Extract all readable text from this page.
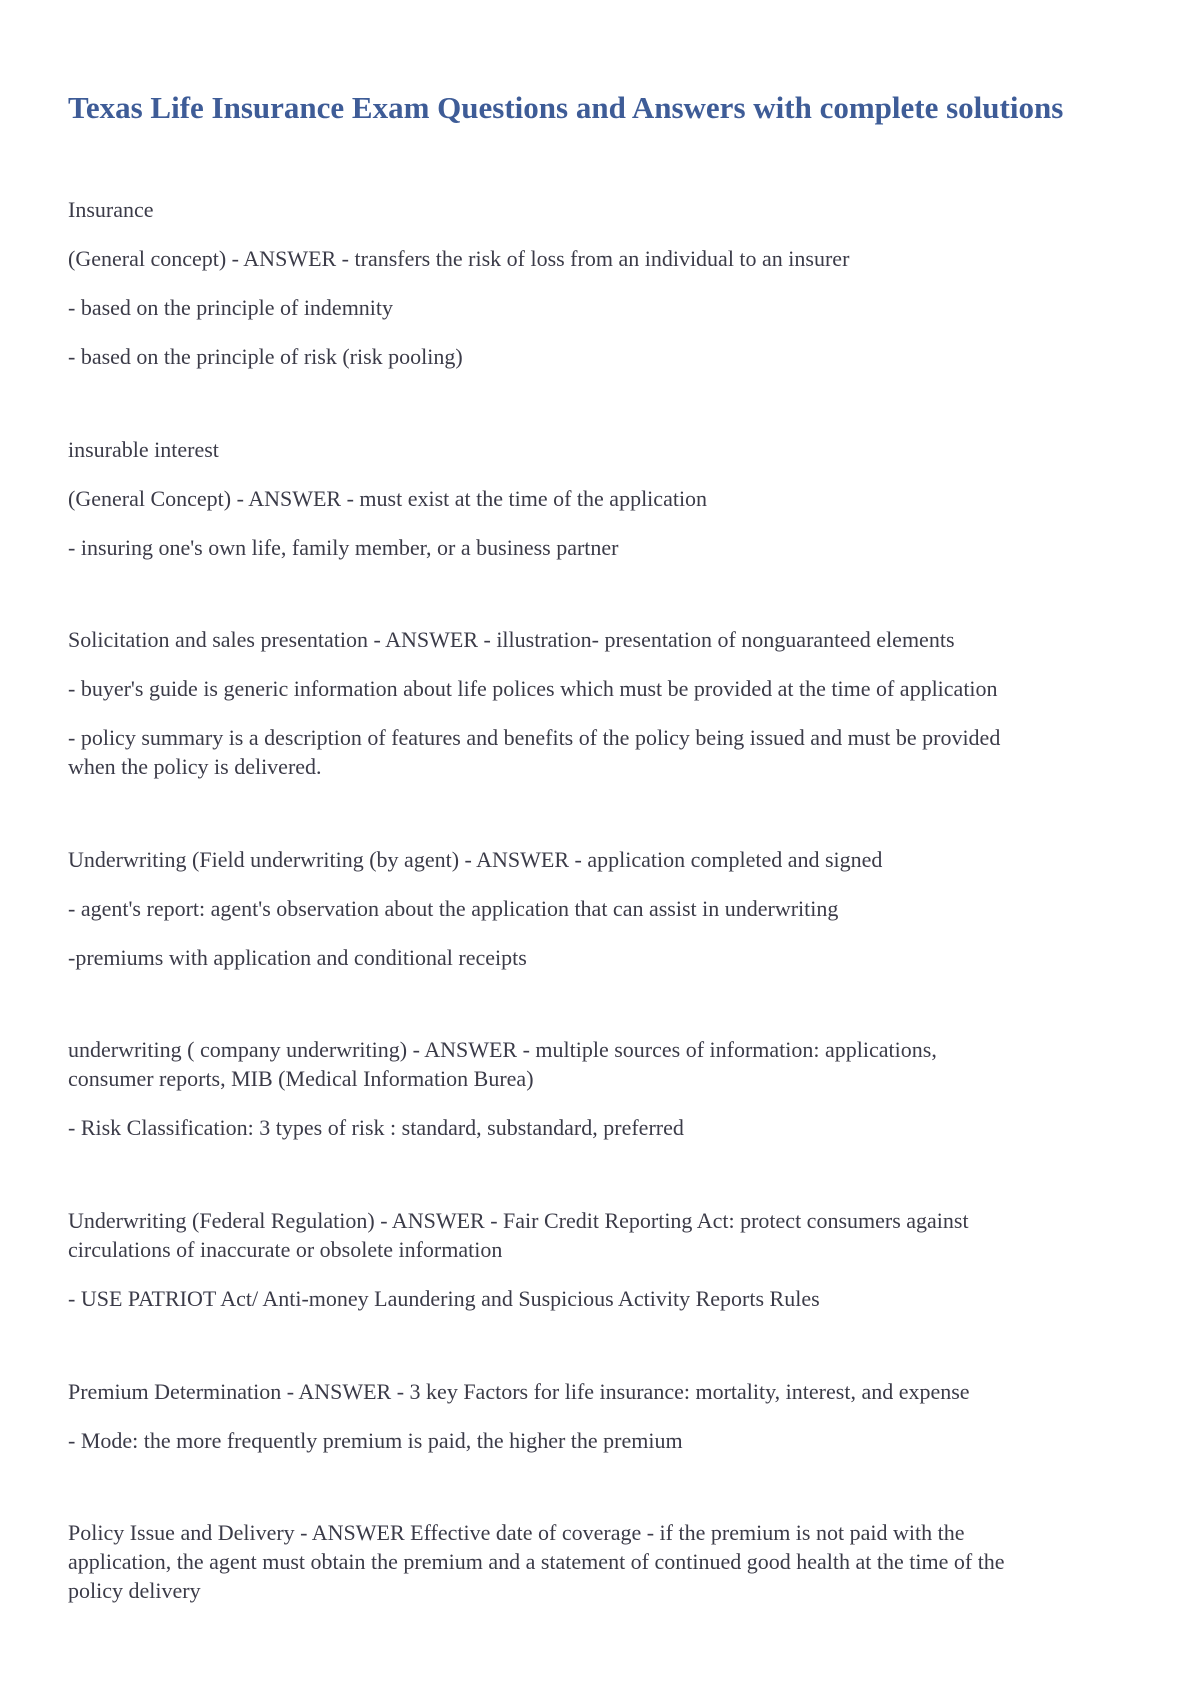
Texas Life Insurance Exam Questions and Answers with complete solutions
Insurance
(General concept) - ANSWER - transfers the risk of loss from an individual to an insurer
- based on the principle of indemnity
- based on the principle of risk (risk pooling)
insurable interest
(General Concept) - ANSWER - must exist at the time of the application
- insuring one's own life, family member, or a business partner
Solicitation and sales presentation - ANSWER - illustration- presentation of nonguaranteed elements
- buyer's guide is generic information about life polices which must be provided at the time of application
- policy summary is a description of features and benefits of the policy being issued and must be provided
when the policy is delivered.
Underwriting (Field underwriting (by agent) - ANSWER - application completed and signed
- agent's report: agent's observation about the application that can assist in underwriting
-premiums with application and conditional receipts
underwriting ( company underwriting) - ANSWER - multiple sources of information: applications,
consumer reports, MIB (Medical Information Burea)
- Risk Classification: 3 types of risk : standard, substandard, preferred
Underwriting (Federal Regulation) - ANSWER - Fair Credit Reporting Act: protect consumers against
circulations of inaccurate or obsolete information
- USE PATRIOT Act/ Anti-money Laundering and Suspicious Activity Reports Rules
Premium Determination - ANSWER - 3 key Factors for life insurance: mortality, interest, and expense
- Mode: the more frequently premium is paid, the higher the premium
Policy Issue and Delivery - ANSWER Effective date of coverage - if the premium is not paid with the
application, the agent must obtain the premium and a statement of continued good health at the time of the
policy delivery
